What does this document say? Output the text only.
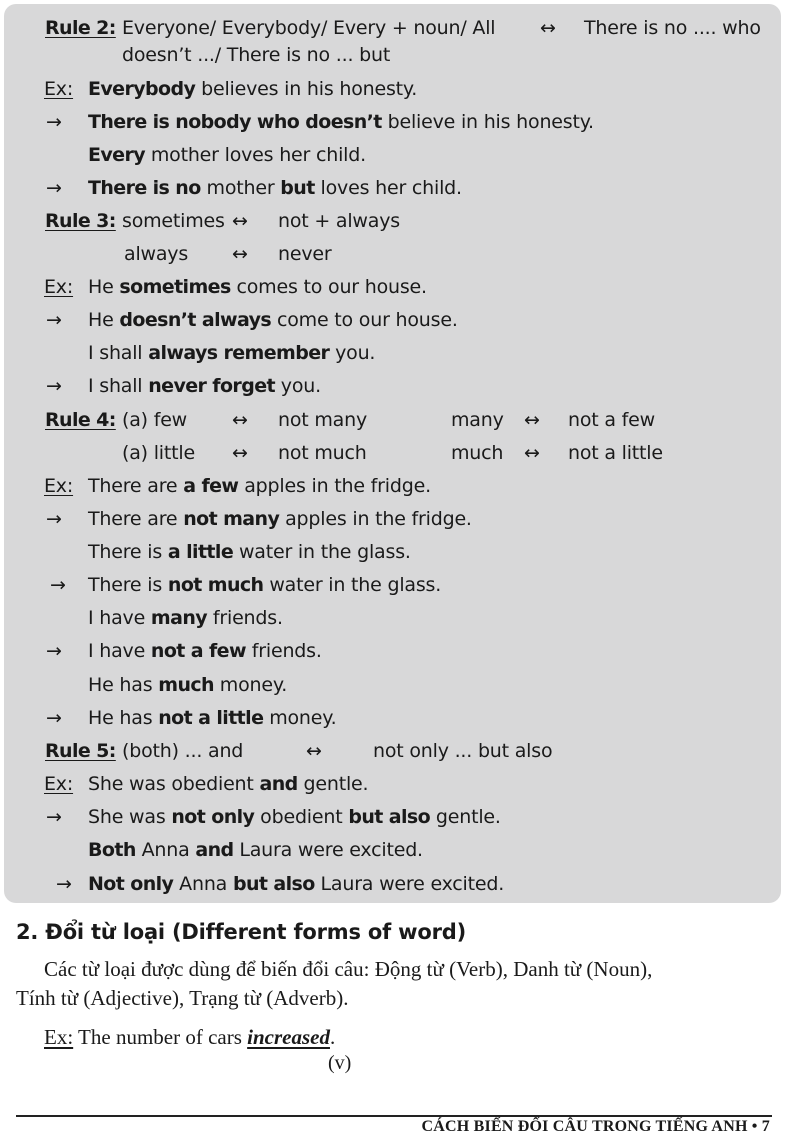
Rule 2: Everyone/ Everybody/ Every + noun/ All ↔ There is no .... who
doesn’t .../ There is no ... but
Ex: Everybody believes in his honesty.
→ There is nobody who doesn’t believe in his honesty.
Every mother loves her child.
→ There is no mother but loves her child.
Rule 3: sometimes ↔ not + always
always ↔ never
Ex: He sometimes comes to our house.
→ He doesn’t always come to our house.
I shall always remember you.
→ I shall never forget you.
Rule 4: (a) few ↔ not many	many ↔ not a few
(a) little ↔ not much	much ↔ not a little
Ex: There are a few apples in the fridge.
→ There are not many apples in the fridge.
There is a little water in the glass.
→ There is not much water in the glass.
I have many friends.
→ I have not a few friends.
He has much money.
→ He has not a little money.
Rule 5: (both) ... and	↔	not only ... but also
Ex: She was obedient and gentle.
→ She was not only obedient but also gentle.
Both Anna and Laura were excited.
→ Not only Anna but also Laura were excited.
2. Đổi từ loại (Different forms of word)
Các từ loại được dùng để biến đổi câu: Động từ (Verb), Danh từ (Noun),
Tính từ (Adjective), Trạng từ (Adverb).
Ex: The number of cars increased.
(v)
CÁCH BIẾN ĐỔI CÂU TRONG TIẾNG ANH • 7
